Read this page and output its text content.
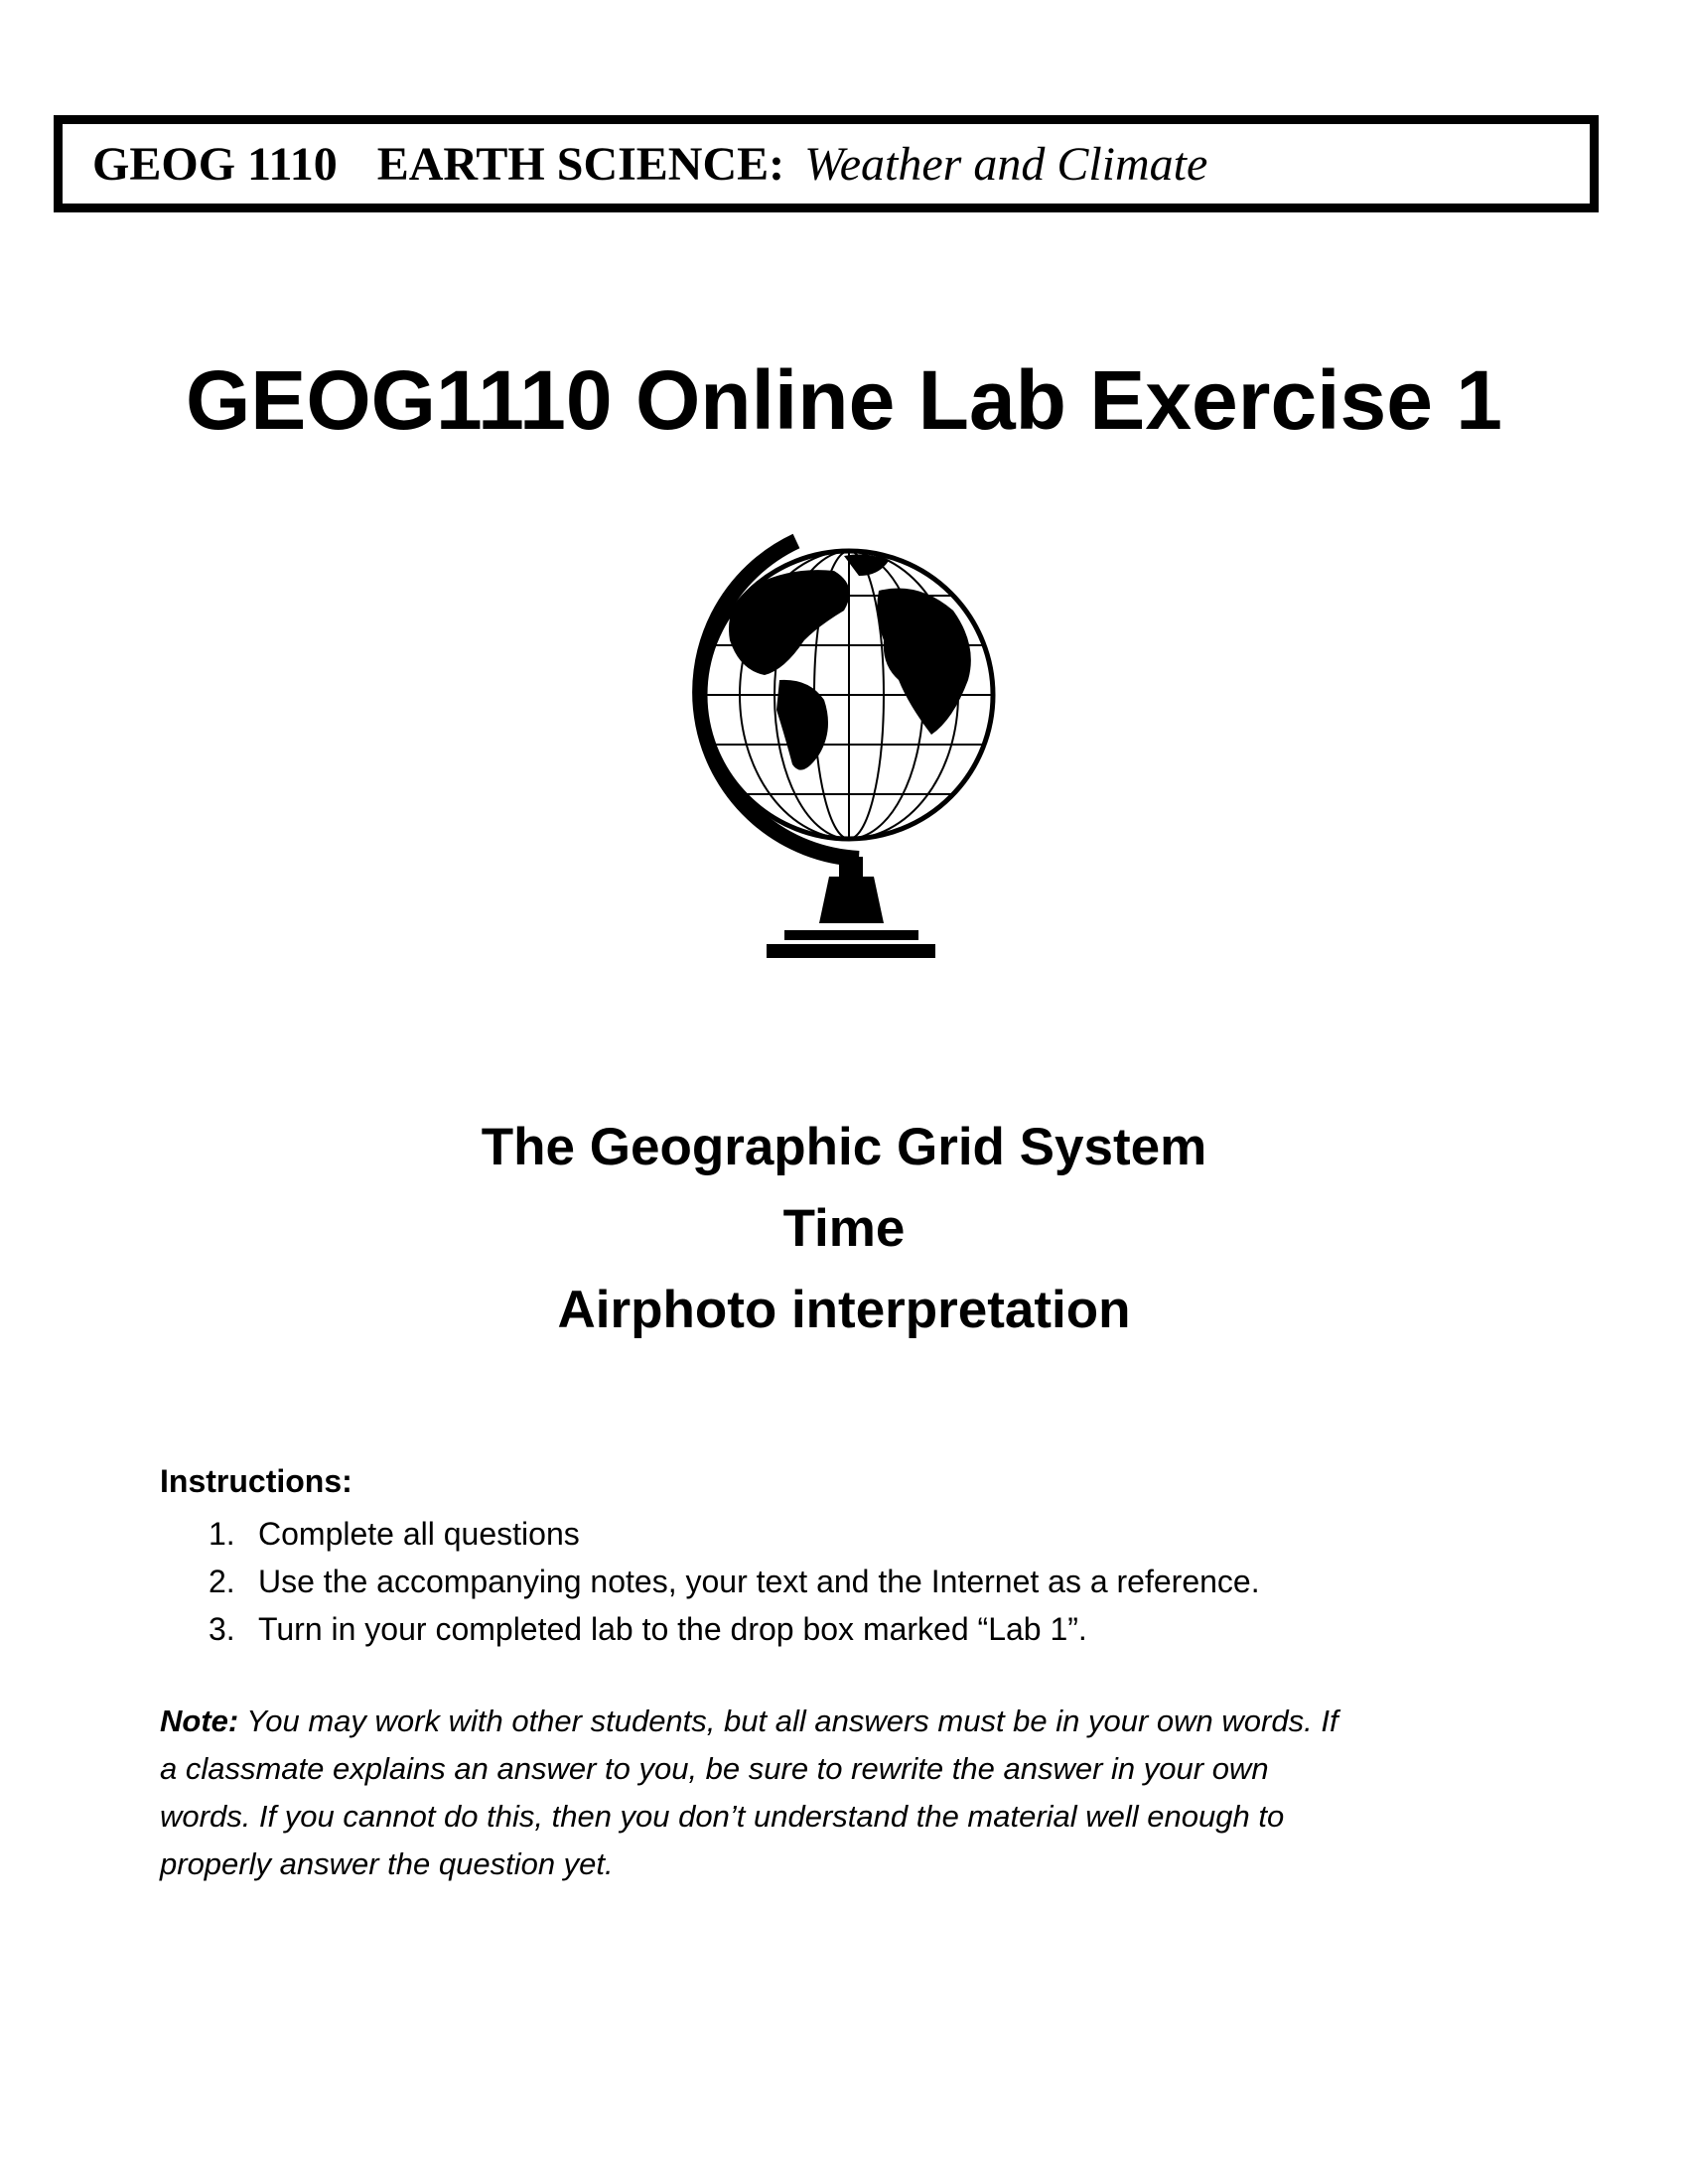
GEOG 1110 EARTH SCIENCE: Weather and Climate
GEOG1110 Online Lab Exercise 1
The Geographic Grid System
Time
Airphoto interpretation
Instructions:
1. Complete all questions
2. Use the accompanying notes, your text and the Internet as a reference.
3. Turn in your completed lab to the drop box marked “Lab 1”.
Note: You may work with other students, but all answers must be in your own words. If
a classmate explains an answer to you, be sure to rewrite the answer in your own
words. If you cannot do this, then you don’t understand the material well enough to
properly answer the question yet.
